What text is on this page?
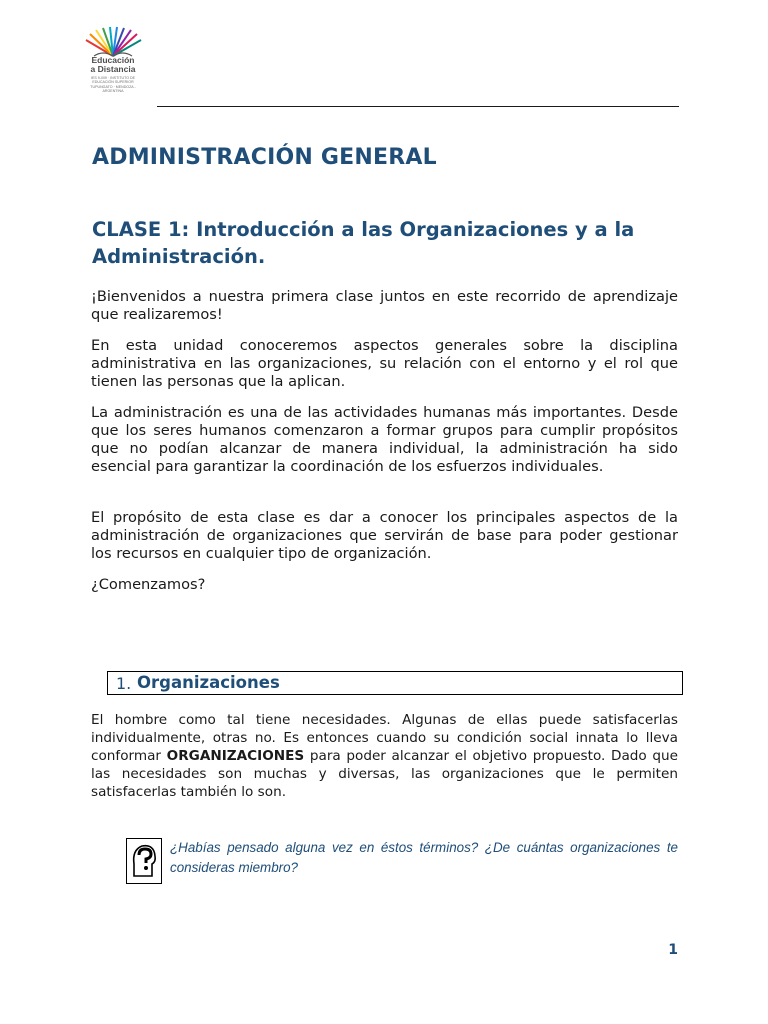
Educación
a Distancia
IES 9-009 · INSTITUTO DE EDUCACIÓN SUPERIOR TUPUNGATO · MENDOZA - ARGENTINA
ADMINISTRACIÓN GENERAL
CLASE 1: Introducción a las Organizaciones y a la Administración.

¡Bienvenidos a nuestra primera clase juntos en este recorrido de aprendizaje que realizaremos!

En esta unidad conoceremos aspectos generales sobre la disciplina administrativa en las organizaciones, su relación con el entorno y el rol que tienen las personas que la aplican.

La administración es una de las actividades humanas más importantes. Desde que los seres humanos comenzaron a formar grupos para cumplir propósitos que no podían alcanzar de manera individual, la administración ha sido esencial para garantizar la coordinación de los esfuerzos individuales.

El propósito de esta clase es dar a conocer los principales aspectos de la administración de organizaciones que servirán de base para poder gestionar los recursos en cualquier tipo de organización.

¿Comenzamos?

1. Organizaciones

El hombre como tal tiene necesidades. Algunas de ellas puede satisfacerlas individualmente, otras no. Es entonces cuando su condición social innata lo lleva conformar ORGANIZACIONES para poder alcanzar el objetivo propuesto. Dado que las necesidades son muchas y diversas, las organizaciones que le permiten satisfacerlas también lo son.

¿Habías pensado alguna vez en éstos términos? ¿De cuántas organizaciones te consideras miembro?

1
